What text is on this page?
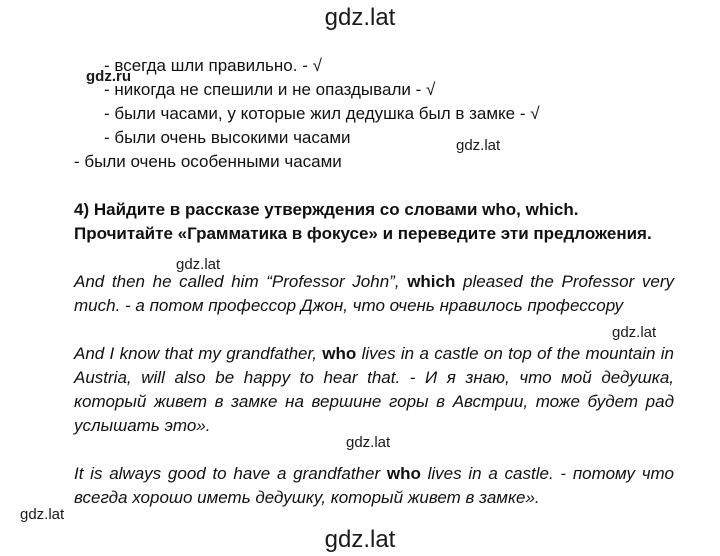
gdz.lat
gdz.ru
gdz.lat
gdz.lat
gdz.lat
gdz.lat
gdz.lat
gdz.lat
- всегда шли правильно. - √
- никогда не спешили и не опаздывали - √
- были часами, у которые жил дедушка был в замке - √
- были очень высокими часами
- были очень особенными часами
4) Найдите в рассказе утверждения со словами who, which.
Прочитайте «Грамматика в фокусе» и переведите эти предложения.

And then he called him “Professor John”, which pleased the Professor very much. - а потом профессор Джон, что очень нравилось профессору

And I know that my grandfather, who lives in a castle on top of the mountain in Austria, will also be happy to hear that. - И я знаю, что мой дедушка, который живет в замке на вершине горы в Австрии, тоже будет рад услышать это».

It is always good to have a grandfather who lives in a castle. - потому что всегда хорошо иметь дедушку, который живет в замке».
